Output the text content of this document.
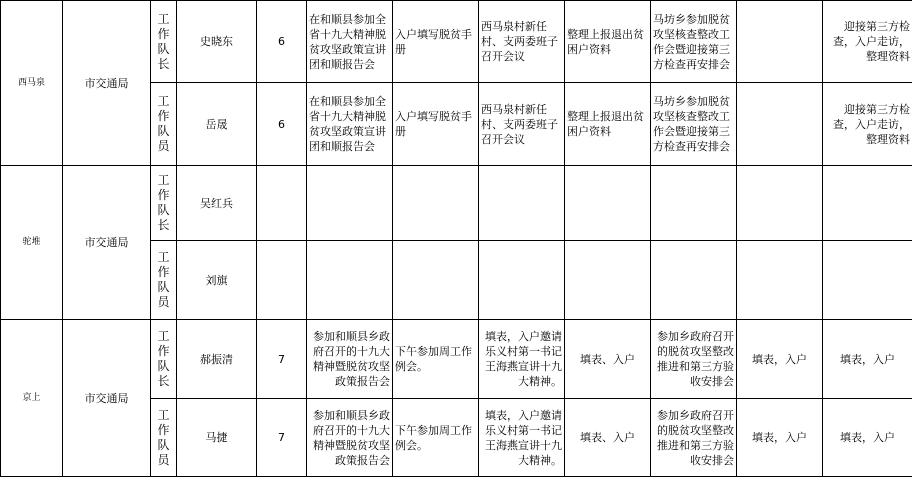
西马泉	市交通局	工作队长	史晓东	6	在和顺县参加全省十九大精神脱贫攻坚政策宣讲团和顺报告会	入户填写脱贫手册	西马泉村新任村、支两委班子召开会议	整理上报退出贫困户资料	马坊乡参加脱贫攻坚核查整改工作会暨迎接第三方检查再安排会		迎接第三方检查，入户走访，整理资料

		工作队员	岳晟	6	在和顺县参加全省十九大精神脱贫攻坚政策宣讲团和顺报告会	入户填写脱贫手册	西马泉村新任村、支两委班子召开会议	整理上报退出贫困户资料	马坊乡参加脱贫攻坚核查整改工作会暨迎接第三方检查再安排会		迎接第三方检查，入户走访，整理资料
驼堆	市交通局	工作队长	吴红兵								

		工作队员	刘旗								
京上	市交通局	工作队长	郝振清	7	参加和顺县乡政府召开的十九大精神暨脱贫攻坚政策报告会	下午参加周工作例会。	填表，入户邀请乐义村第一书记王海燕宣讲十九大精神。	填表、入户	参加乡政府召开的脱贫攻坚整改推进和第三方验收安排会	填表，入户	填表，入户

		工作队员	马捷	7	参加和顺县乡政府召开的十九大精神暨脱贫攻坚政策报告会	下午参加周工作例会。	填表，入户邀请乐义村第一书记王海燕宣讲十九大精神。	填表、入户	参加乡政府召开的脱贫攻坚整改推进和第三方验收安排会	填表，入户	填表，入户
